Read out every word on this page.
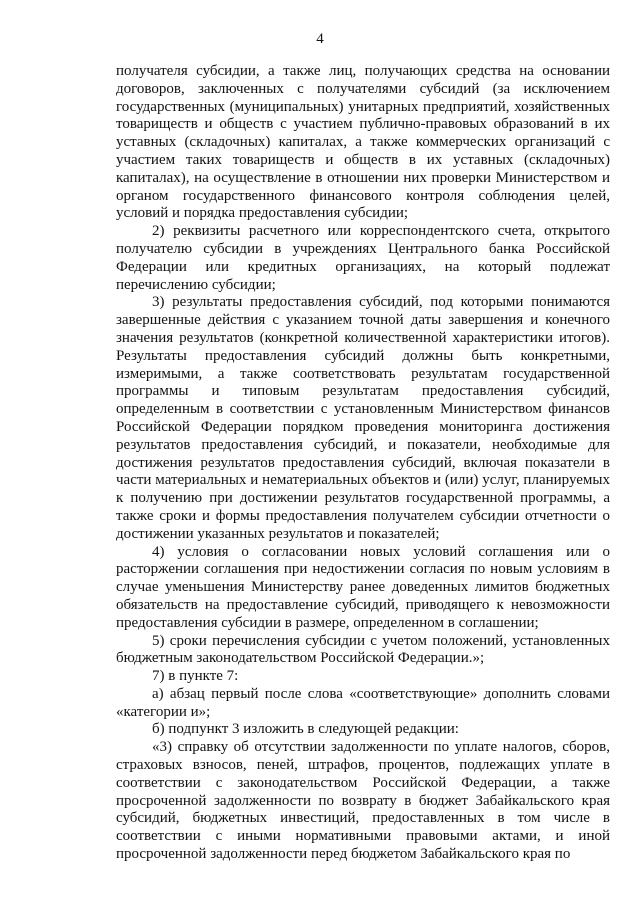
4

получателя субсидии, а также лиц, получающих средства на основании договоров, заключенных с получателями субсидий (за исключением государственных (муниципальных) унитарных предприятий, хозяйственных товариществ и обществ с участием публично-правовых образований в их уставных (складочных) капиталах, а также коммерческих организаций с участием таких товариществ и обществ в их уставных (складочных) капиталах), на осуществление в отношении них проверки Министерством и органом государственного финансового контроля соблюдения целей, условий и порядка предоставления субсидии;

2) реквизиты расчетного или корреспондентского счета, открытого получателю субсидии в учреждениях Центрального банка Российской Федерации или кредитных организациях, на который подлежат перечислению субсидии;

3) результаты предоставления субсидий, под которыми понимаются завершенные действия с указанием точной даты завершения и конечного значения результатов (конкретной количественной характеристики итогов). Результаты предоставления субсидий должны быть конкретными, измеримыми, а также соответствовать результатам государственной программы и типовым результатам предоставления субсидий, определенным в соответствии с установленным Министерством финансов Российской Федерации порядком проведения мониторинга достижения результатов предоставления субсидий, и показатели, необходимые для достижения результатов предоставления субсидий, включая показатели в части материальных и нематериальных объектов и (или) услуг, планируемых к получению при достижении результатов государственной программы, а также сроки и формы предоставления получателем субсидии отчетности о достижении указанных результатов и показателей;

4) условия о согласовании новых условий соглашения или о расторжении соглашения при недостижении согласия по новым условиям в случае уменьшения Министерству ранее доведенных лимитов бюджетных обязательств на предоставление субсидий, приводящего к невозможности предоставления субсидии в размере, определенном в соглашении;

5) сроки перечисления субсидии с учетом положений, установленных бюджетным законодательством Российской Федерации.»;

7) в пункте 7:

а) абзац первый после слова «соответствующие» дополнить словами «категории и»;

б) подпункт 3 изложить в следующей редакции:

«3) справку об отсутствии задолженности по уплате налогов, сборов, страховых взносов, пеней, штрафов, процентов, подлежащих уплате в соответствии с законодательством Российской Федерации, а также просроченной задолженности по возврату в бюджет Забайкальского края субсидий, бюджетных инвестиций, предоставленных в том числе в соответствии с иными нормативными правовыми актами, и иной просроченной задолженности перед бюджетом Забайкальского края по
